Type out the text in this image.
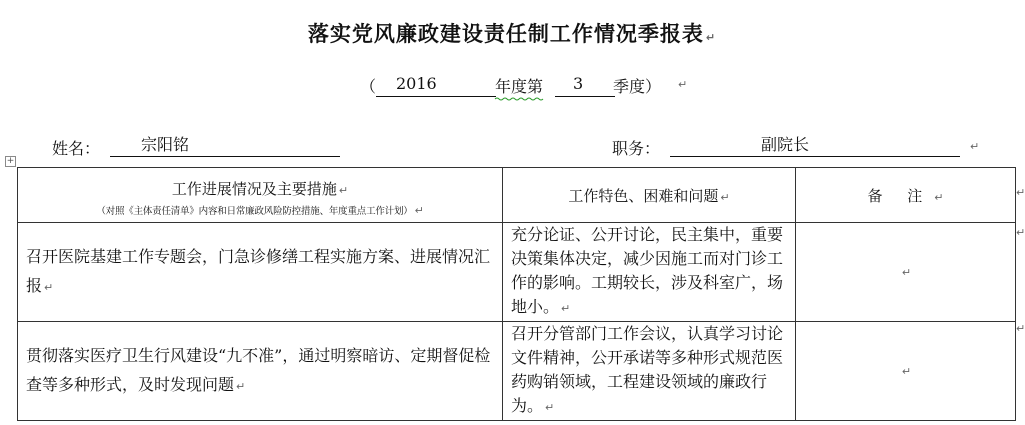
落实党风廉政建设责任制工作情况季报表 ↵
（ 2016	年度第 3 季度） ↵
姓名：	宗阳铭	职务：	副院长	↵
+
工作进展情况及主要措施 ↵
（对照《主体责任清单》内容和日常廉政风险防控措施、年度重点工作计划） ↵	工作特色、困难和问题 ↵	备 注 ↵
召开医院基建工作专题会，门急诊修缮工程实施方案、进展情况汇报 ↵	充分论证、公开讨论，民主集中，重要决策集体决定，减少因施工而对门诊工作的影响。工期较长，涉及科室广，场地小。 ↵	↵
贯彻落实医疗卫生行风建设“九不准”，通过明察暗访、定期督促检查等多种形式，及时发现问题 ↵	召开分管部门工作会议，认真学习讨论文件精神，公开承诺等多种形式规范医药购销领域，工程建设领域的廉政行为。 ↵	↵
↵
↵
↵
